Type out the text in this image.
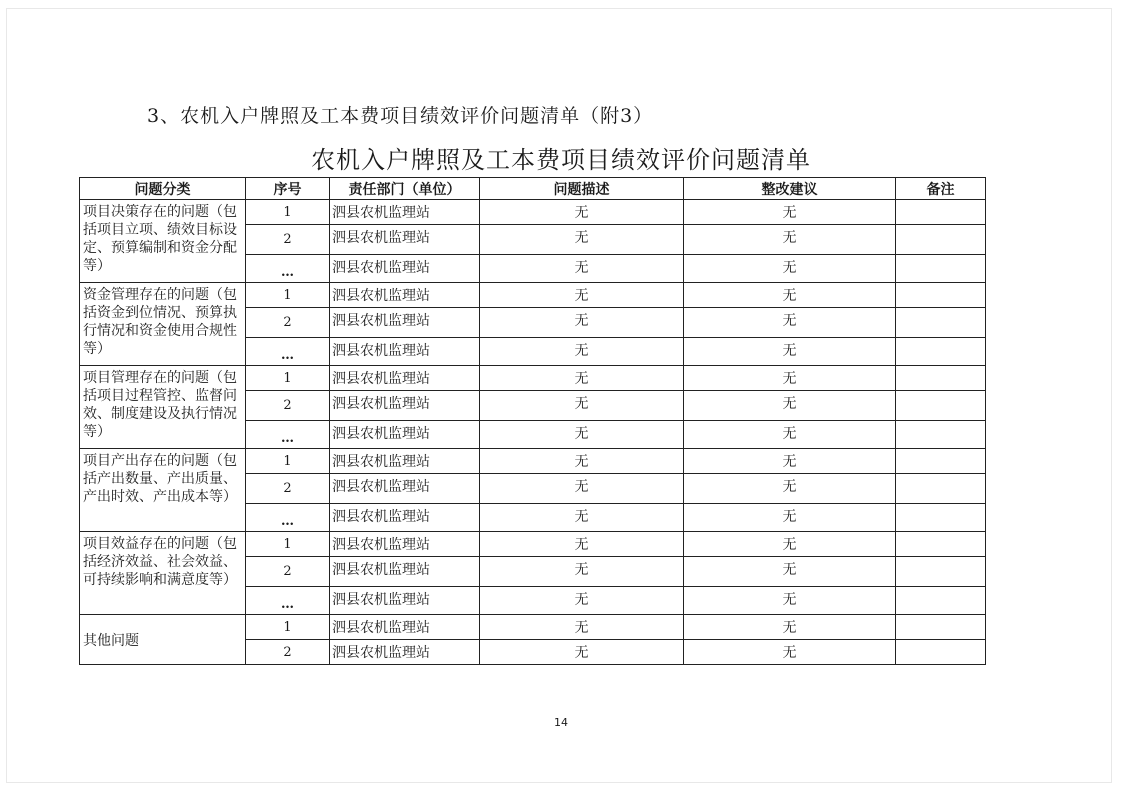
3、农机入户牌照及工本费项目绩效评价问题清单（附3）
农机入户牌照及工本费项目绩效评价问题清单
问题分类	序号	责任部门（单位）	问题描述	整改建议	备注
项目决策存在的问题（包括项目立项、绩效目标设定、预算编制和资金分配等）	1	泗县农机监理站	无	无	
	2	泗县农机监理站	无	无	
	…	泗县农机监理站	无	无	
资金管理存在的问题（包括资金到位情况、预算执行情况和资金使用合规性等）	1	泗县农机监理站	无	无	
	2	泗县农机监理站	无	无	
	…	泗县农机监理站	无	无	
项目管理存在的问题（包括项目过程管控、监督问效、制度建设及执行情况等）	1	泗县农机监理站	无	无	
	2	泗县农机监理站	无	无	
	…	泗县农机监理站	无	无	
项目产出存在的问题（包括产出数量、产出质量、产出时效、产出成本等）	1	泗县农机监理站	无	无	
	2	泗县农机监理站	无	无	
	…	泗县农机监理站	无	无	
项目效益存在的问题（包括经济效益、社会效益、可持续影响和满意度等）	1	泗县农机监理站	无	无	
	2	泗县农机监理站	无	无	
	…	泗县农机监理站	无	无	
其他问题	1	泗县农机监理站	无	无	
	2	泗县农机监理站	无	无	
14
